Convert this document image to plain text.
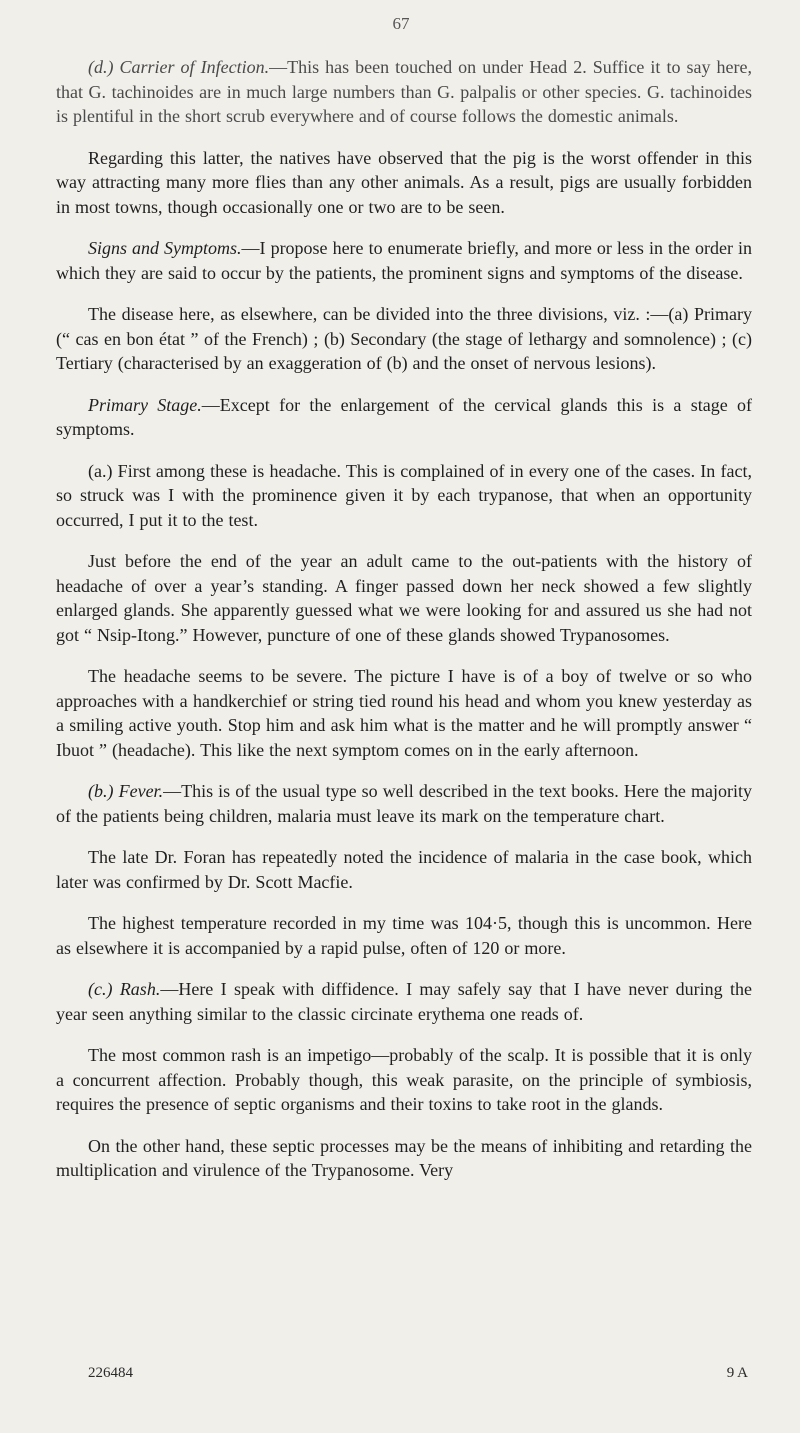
67

(d.) Carrier of Infection.—This has been touched on under Head 2. Suffice it to say here, that G. tachinoides are in much large numbers than G. palpalis or other species. G. tachinoides is plentiful in the short scrub everywhere and of course follows the domestic animals.

Regarding this latter, the natives have observed that the pig is the worst offender in this way attracting many more flies than any other animals. As a result, pigs are usually forbidden in most towns, though occasionally one or two are to be seen.

Signs and Symptoms.—I propose here to enumerate briefly, and more or less in the order in which they are said to occur by the patients, the prominent signs and symptoms of the disease.

The disease here, as elsewhere, can be divided into the three divisions, viz. :—(a) Primary (“ cas en bon état ” of the French) ; (b) Secondary (the stage of lethargy and somnolence) ; (c) Tertiary (characterised by an exaggeration of (b) and the onset of nervous lesions).

Primary Stage.—Except for the enlargement of the cervical glands this is a stage of symptoms.

(a.) First among these is headache. This is complained of in every one of the cases. In fact, so struck was I with the prominence given it by each trypanose, that when an opportunity occurred, I put it to the test.

Just before the end of the year an adult came to the out-patients with the history of headache of over a year’s standing. A finger passed down her neck showed a few slightly enlarged glands. She apparently guessed what we were looking for and assured us she had not got “ Nsip-Itong.” However, puncture of one of these glands showed Trypanosomes.

The headache seems to be severe. The picture I have is of a boy of twelve or so who approaches with a handkerchief or string tied round his head and whom you knew yesterday as a smiling active youth. Stop him and ask him what is the matter and he will promptly answer “ Ibuot ” (headache). This like the next symptom comes on in the early afternoon.

(b.) Fever.—This is of the usual type so well described in the text books. Here the majority of the patients being children, malaria must leave its mark on the temperature chart.

The late Dr. Foran has repeatedly noted the incidence of malaria in the case book, which later was confirmed by Dr. Scott Macfie.

The highest temperature recorded in my time was 104·5, though this is uncommon. Here as elsewhere it is accompanied by a rapid pulse, often of 120 or more.

(c.) Rash.—Here I speak with diffidence. I may safely say that I have never during the year seen anything similar to the classic circinate erythema one reads of.

The most common rash is an impetigo—probably of the scalp. It is possible that it is only a concurrent affection. Probably though, this weak parasite, on the principle of symbiosis, requires the presence of septic organisms and their toxins to take root in the glands.

On the other hand, these septic processes may be the means of inhibiting and retarding the multiplication and virulence of the Trypanosome. Very

226484	9 A
